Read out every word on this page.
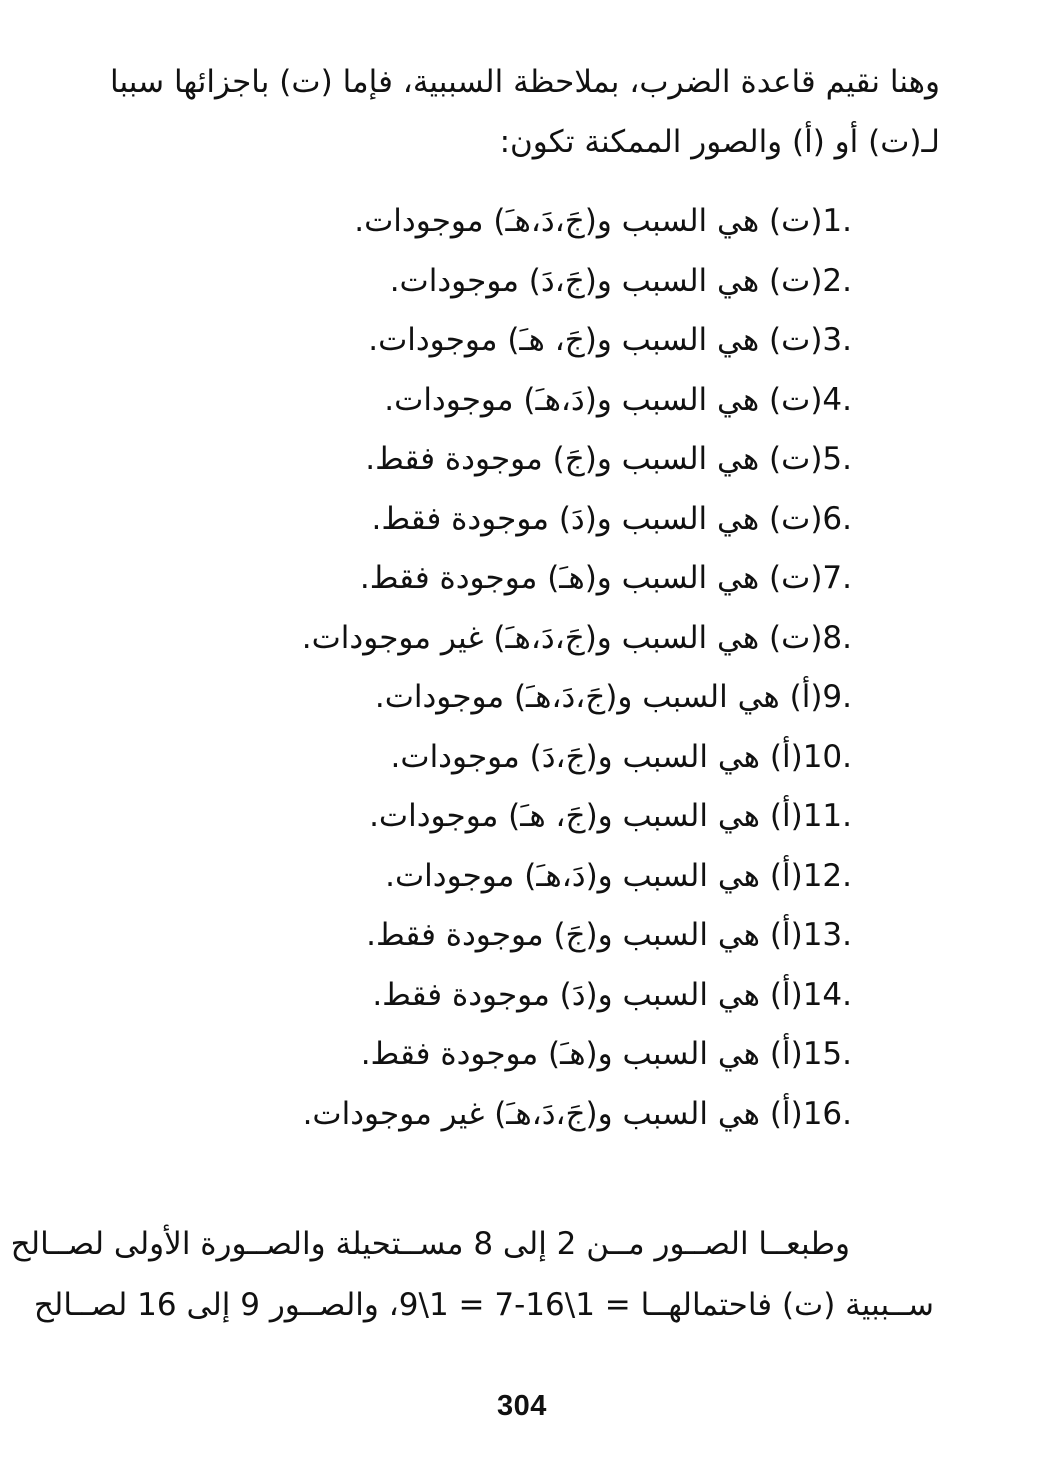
وهنا نقيم قاعدة الضرب، بملاحظة السببية، فإما (ت) باجزائها سببا
لـ(ت) أو (أ) والصور الممكنة تكون:
1.(ت) هي السبب و(جَ،دَ،هـَ) موجودات.
2.(ت) هي السبب و(جَ،دَ) موجودات.
3.(ت) هي السبب و(جَ، هـَ) موجودات.
4.(ت) هي السبب و(دَ،هـَ) موجودات.
5.(ت) هي السبب و(جَ) موجودة فقط.
6.(ت) هي السبب و(دَ) موجودة فقط.
7.(ت) هي السبب و(هـَ) موجودة فقط.
8.(ت) هي السبب و(جَ،دَ،هـَ) غير موجودات.
9.(أ) هي السبب و(جَ،دَ،هـَ) موجودات.
10.(أ) هي السبب و(جَ،دَ) موجودات.
11.(أ) هي السبب و(جَ، هـَ) موجودات.
12.(أ) هي السبب و(دَ،هـَ) موجودات.
13.(أ) هي السبب و(جَ) موجودة فقط.
14.(أ) هي السبب و(دَ) موجودة فقط.
15.(أ) هي السبب و(هـَ) موجودة فقط.
16.(أ) هي السبب و(جَ،دَ،هـَ) غير موجودات.
وطبعــا الصــور مــن 2 إلى 8 مســتحيلة والصــورة الأولى لصــالح
ســببية (ت) فاحتمالهــا = 1\16-7 = 1\9، والصــور 9 إلى 16 لصــالح
304
